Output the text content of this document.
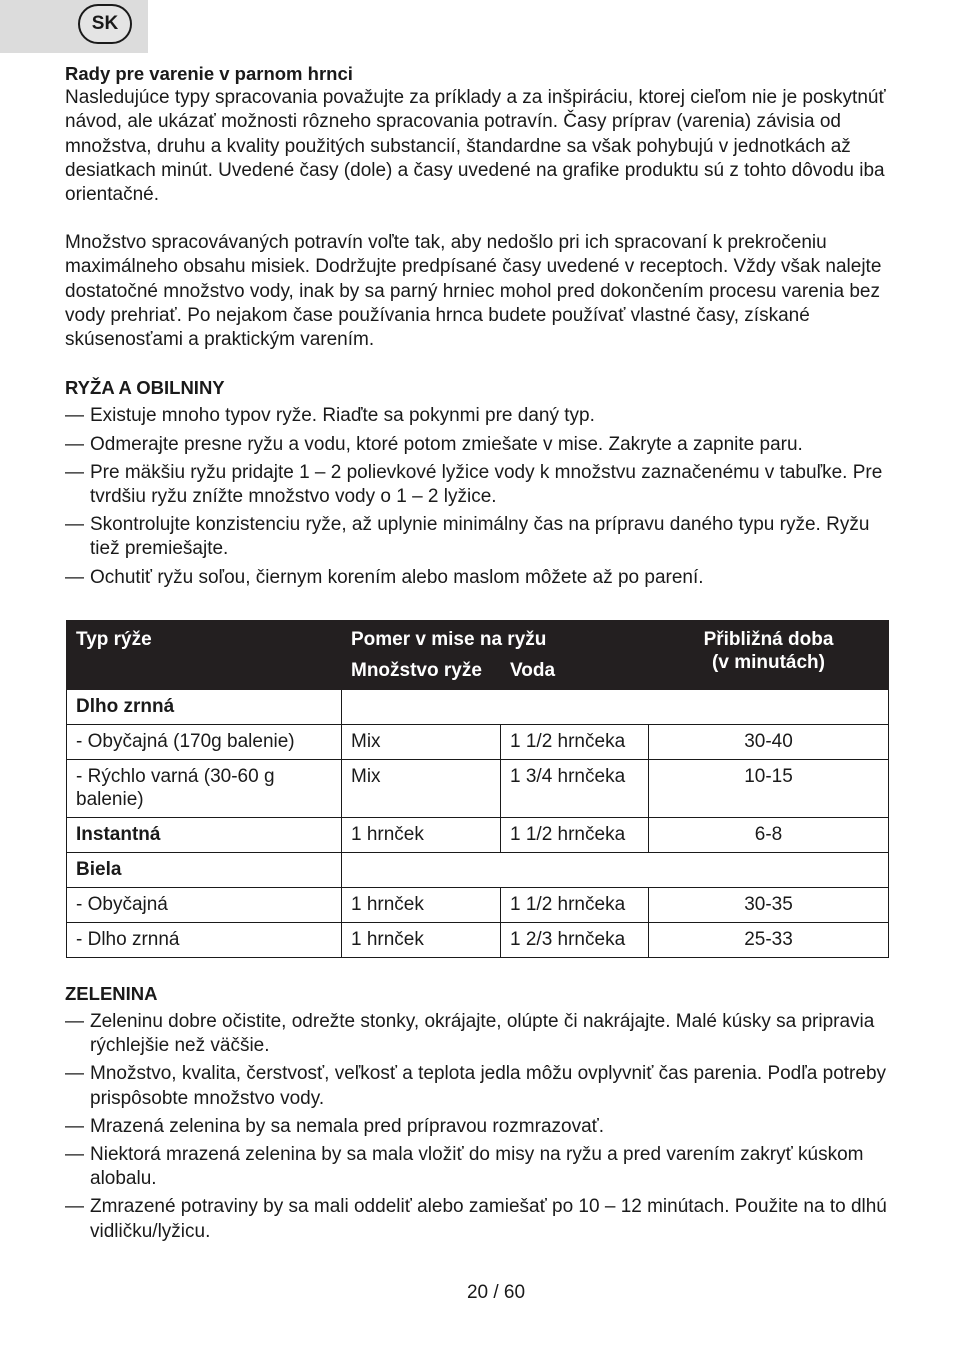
SK
Rady pre varenie v parnom hrnci

Nasledujúce typy spracovania považujte za príklady a za inšpiráciu, ktorej cieľom nie je poskytnúť návod, ale ukázať možnosti rôzneho spracovania potravín. Časy príprav (varenia) závisia od množstva, druhu a kvality použitých substancií, štandardne sa však pohybujú v jednotkách až desiatkach minút. Uvedené časy (dole) a časy uvedené na grafike produktu sú z tohto dôvodu iba orientačné.

Množstvo spracovávaných potravín voľte tak, aby nedošlo pri ich spracovaní k prekročeniu maximálneho obsahu misiek. Dodržujte predpísané časy uvedené v receptoch. Vždy však nalejte dostatočné množstvo vody, inak by sa parný hrniec mohol pred dokončením procesu varenia bez vody prehriať. Po nejakom čase používania hrnca budete používať vlastné časy, získané skúsenosťami a praktickým varením.

RYŽA A OBILNINY
— Existuje mnoho typov ryže. Riaďte sa pokynmi pre daný typ.
— Odmerajte presne ryžu a vodu, ktoré potom zmiešate v mise. Zakryte a zapnite paru.
— Pre mäkšiu ryžu pridajte 1 – 2 polievkové lyžice vody k množstvu zaznačenému v tabuľke. Pre tvrdšiu ryžu znížte množstvo vody o 1 – 2 lyžice.
— Skontrolujte konzistenciu ryže, až uplynie minimálny čas na prípravu daného typu ryže. Ryžu tiež premiešajte.
— Ochutiť ryžu soľou, čiernym korením alebo maslom môžete až po parení.
Typ rýže	Pomer v mise na ryžu		Přibližná doba
(v minutách)

	Množstvo ryže	Voda	
Dlho zrnná			
- Obyčajná (170g balenie)	Mix	1 1/2 hrnčeka	30-40
- Rýchlo varná (30-60 g balenie)	Mix	1 3/4 hrnčeka	10-15
Instantná	1 hrnček	1 1/2 hrnčeka	6-8
Biela			
- Obyčajná	1 hrnček	1 1/2 hrnčeka	30-35
- Dlho zrnná	1 hrnček	1 2/3 hrnčeka	25-33
ZELENINA
— Zeleninu dobre očistite, odrežte stonky, okrájajte, olúpte či nakrájajte. Malé kúsky sa pripravia rýchlejšie než väčšie.
— Množstvo, kvalita, čerstvosť, veľkosť a teplota jedla môžu ovplyvniť čas parenia. Podľa potreby prispôsobte množstvo vody.
— Mrazená zelenina by sa nemala pred prípravou rozmrazovať.
— Niektorá mrazená zelenina by sa mala vložiť do misy na ryžu a pred varením zakryť kúskom alobalu.
— Zmrazené potraviny by sa mali oddeliť alebo zamiešať po 10 – 12 minútach. Použite na to dlhú vidličku/lyžicu.
20 / 60
